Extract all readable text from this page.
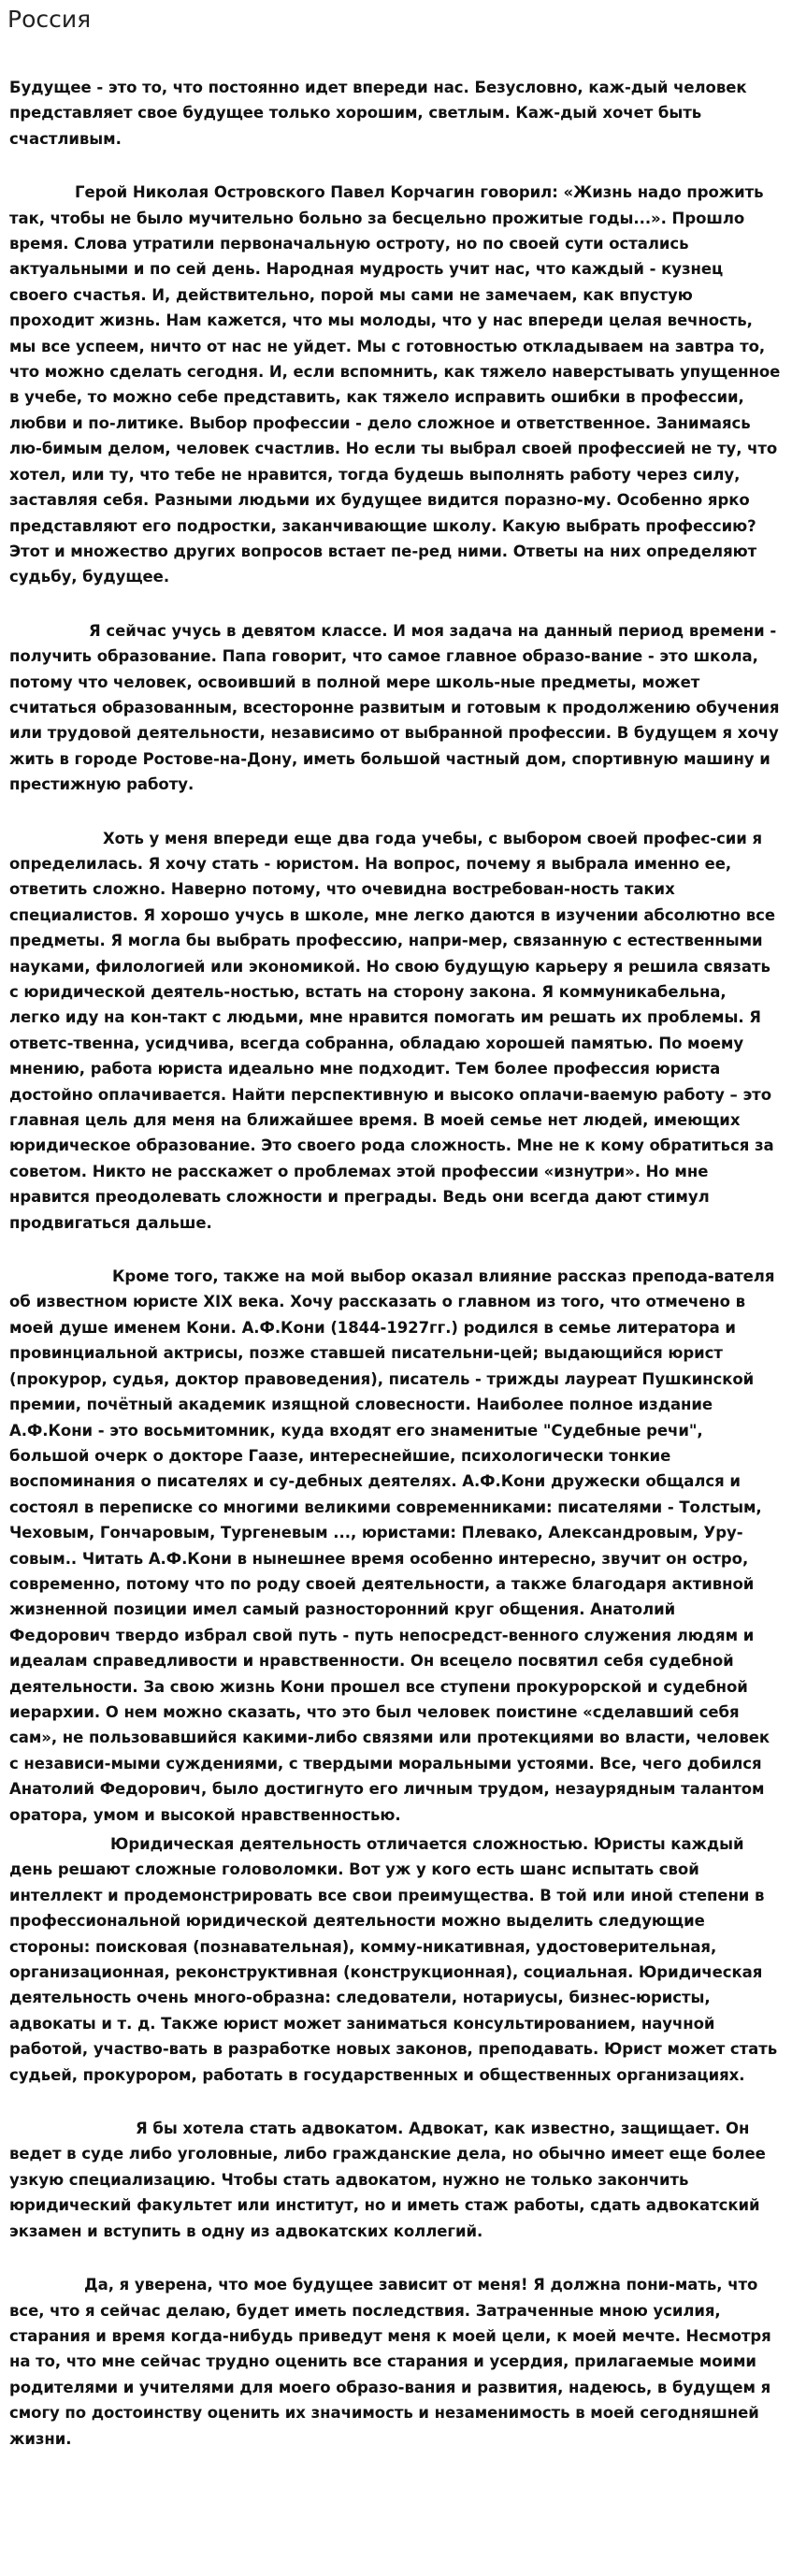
Россия

Будущее - это то, что постоянно идет впереди нас. Безусловно, каж-дый человек представляет свое будущее только хорошим, светлым. Каж-дый хочет быть счастливым.

Герой Николая Островского Павел Корчагин говорил: «Жизнь надо прожить так, чтобы не было мучительно больно за бесцельно прожитые годы...». Прошло время. Слова утратили первоначальную остроту, но по своей сути остались актуальными и по сей день. Народная мудрость учит нас, что каждый - кузнец своего счастья. И, действительно, порой мы сами не замечаем, как впустую проходит жизнь. Нам кажется, что мы молоды, что у нас впереди целая вечность, мы все успеем, ничто от нас не уйдет. Мы с готовностью откладываем на завтра то, что можно сделать сегодня. И, если вспомнить, как тяжело наверстывать упущенное в учебе, то можно себе представить, как тяжело исправить ошибки в профессии, любви и по-литике. Выбор профессии - дело сложное и ответственное. Занимаясь лю-бимым делом, человек счастлив. Но если ты выбрал своей профессией не ту, что хотел, или ту, что тебе не нравится, тогда будешь выполнять работу через силу, заставляя себя. Разными людьми их будущее видится поразно-му. Особенно ярко представляют его подростки, заканчивающие школу. Какую выбрать профессию? Этот и множество других вопросов встает пе-ред ними. Ответы на них определяют судьбу, будущее.

Я сейчас учусь в девятом классе. И моя задача на данный период времени - получить образование. Папа говорит, что самое главное образо-вание - это школа, потому что человек, освоивший в полной мере школь-ные предметы, может считаться образованным, всесторонне развитым и готовым к продолжению обучения или трудовой деятельности, независимо от выбранной профессии. В будущем я хочу жить в городе Ростове-на-Дону, иметь большой частный дом, спортивную машину и престижную работу.

Хоть у меня впереди еще два года учебы, с выбором своей профес-сии я определилась. Я хочу стать - юристом. На вопрос, почему я выбрала именно ее, ответить сложно. Наверно потому, что очевидна востребован-ность таких специалистов. Я хорошо учусь в школе, мне легко даются в изучении абсолютно все предметы. Я могла бы выбрать профессию, напри-мер, связанную с естественными науками, филологией или экономикой. Но свою будущую карьеру я решила связать с юридической деятель-ностью, встать на сторону закона. Я коммуникабельна, легко иду на кон-такт с людьми, мне нравится помогать им решать их проблемы. Я ответс-твенна, усидчива, всегда собранна, обладаю хорошей памятью. По моему мнению, работа юриста идеально мне подходит. Тем более профессия юриста достойно оплачивается. Найти перспективную и высоко оплачи-ваемую работу – это главная цель для меня на ближайшее время. В моей семье нет людей, имеющих юридическое образование. Это своего рода сложность. Мне не к кому обратиться за советом. Никто не расскажет о проблемах этой профессии «изнутри». Но мне нравится преодолевать сложности и преграды. Ведь они всегда дают стимул продвигаться дальше.

Кроме того, также на мой выбор оказал влияние рассказ препода-вателя об известном юристе XIX века. Хочу рассказать о главном из того, что отмечено в моей душе именем Кони. А.Ф.Кони (1844-1927гг.) родился в семье литератора и провинциальной актрисы, позже ставшей писательни-цей; выдающийся юрист (прокурор, судья, доктор правоведения), писатель - трижды лауреат Пушкинской премии, почётный академик изящной словесности. Наиболее полное издание А.Ф.Кони - это восьмитомник, куда входят его знаменитые "Судебные речи", большой очерк о докторе Гаазе, интереснейшие, психологически тонкие воспоминания о писателях и су-дебных деятелях. А.Ф.Кони дружески общался и состоял в переписке со многими великими современниками: писателями - Толстым, Чеховым, Гончаровым, Тургеневым ..., юристами: Плевако, Александровым, Уру-совым.. Читать А.Ф.Кони в нынешнее время особенно интересно, звучит он остро, современно, потому что по роду своей деятельности, а также благодаря активной жизненной позиции имел самый разносторонний круг общения. Анатолий Федорович твердо избрал свой путь - путь непосредст-венного служения людям и идеалам справедливости и нравственности. Он всецело посвятил себя судебной деятельности. За свою жизнь Кони прошел все ступени прокурорской и судебной иерархии. О нем можно сказать, что это был человек поистине «сделавший себя сам», не пользовавшийся какими-либо связями или протекциями во власти, человек с независи-мыми суждениями, с твердыми моральными устоями. Все, чего добился Анатолий Федорович, было достигнуто его личным трудом, незаурядным талантом оратора, умом и высокой нравственностью.

Юридическая деятельность отличается сложностью. Юристы каждый день решают сложные головоломки. Вот уж у кого есть шанс испытать свой интеллект и продемонстрировать все свои преимущества. В той или иной степени в профессиональной юридической деятельности можно выделить следующие стороны: поисковая (познавательная), комму-никативная, удостоверительная, организационная, реконструктивная (конструкционная), социальная. Юридическая деятельность очень много-образна: следователи, нотариусы, бизнес-юристы, адвокаты и т. д. Также юрист может заниматься консультированием, научной работой, участво-вать в разработке новых законов, преподавать. Юрист может стать судьей, прокурором, работать в государственных и общественных организациях.

Я бы хотела стать адвокатом. Адвокат, как известно, защищает. Он ведет в суде либо уголовные, либо гражданские дела, но обычно имеет еще более узкую специализацию. Чтобы стать адвокатом, нужно не только закончить юридический факультет или институт, но и иметь стаж работы, сдать адвокатский экзамен и вступить в одну из адвокатских коллегий.

Да, я уверена, что мое будущее зависит от меня! Я должна пони-мать, что все, что я сейчас делаю, будет иметь последствия. Затраченные мною усилия, старания и время когда-нибудь приведут меня к моей цели, к моей мечте. Несмотря на то, что мне сейчас трудно оценить все старания и усердия, прилагаемые моими родителями и учителями для моего образо-вания и развития, надеюсь, в будущем я смогу по достоинству оценить их значимость и незаменимость в моей сегодняшней жизни.
